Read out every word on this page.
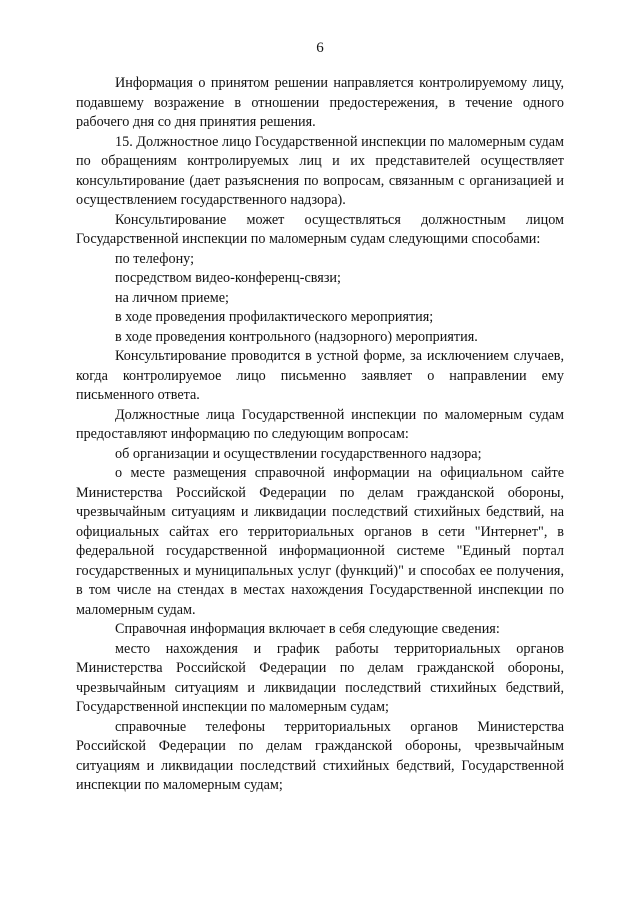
6

Информация о принятом решении направляется контролируемому лицу, подавшему возражение в отношении предостережения, в течение одного рабочего дня со дня принятия решения.

15. Должностное лицо Государственной инспекции по маломерным судам по обращениям контролируемых лиц и их представителей осуществляет консультирование (дает разъяснения по вопросам, связанным с организацией и осуществлением государственного надзора).

Консультирование может осуществляться должностным лицом Государственной инспекции по маломерным судам следующими способами:

по телефону;

посредством видео-конференц-связи;

на личном приеме;

в ходе проведения профилактического мероприятия;

в ходе проведения контрольного (надзорного) мероприятия.

Консультирование проводится в устной форме, за исключением случаев, когда контролируемое лицо письменно заявляет о направлении ему письменного ответа.

Должностные лица Государственной инспекции по маломерным судам предоставляют информацию по следующим вопросам:

об организации и осуществлении государственного надзора;

о месте размещения справочной информации на официальном сайте Министерства Российской Федерации по делам гражданской обороны, чрезвычайным ситуациям и ликвидации последствий стихийных бедствий, на официальных сайтах его территориальных органов в сети "Интернет", в федеральной государственной информационной системе "Единый портал государственных и муниципальных услуг (функций)" и способах ее получения, в том числе на стендах в местах нахождения Государственной инспекции по маломерным судам.

Справочная информация включает в себя следующие сведения:

место нахождения и график работы территориальных органов Министерства Российской Федерации по делам гражданской обороны, чрезвычайным ситуациям и ликвидации последствий стихийных бедствий, Государственной инспекции по маломерным судам;

справочные телефоны территориальных органов Министерства Российской Федерации по делам гражданской обороны, чрезвычайным ситуациям и ликвидации последствий стихийных бедствий, Государственной инспекции по маломерным судам;
